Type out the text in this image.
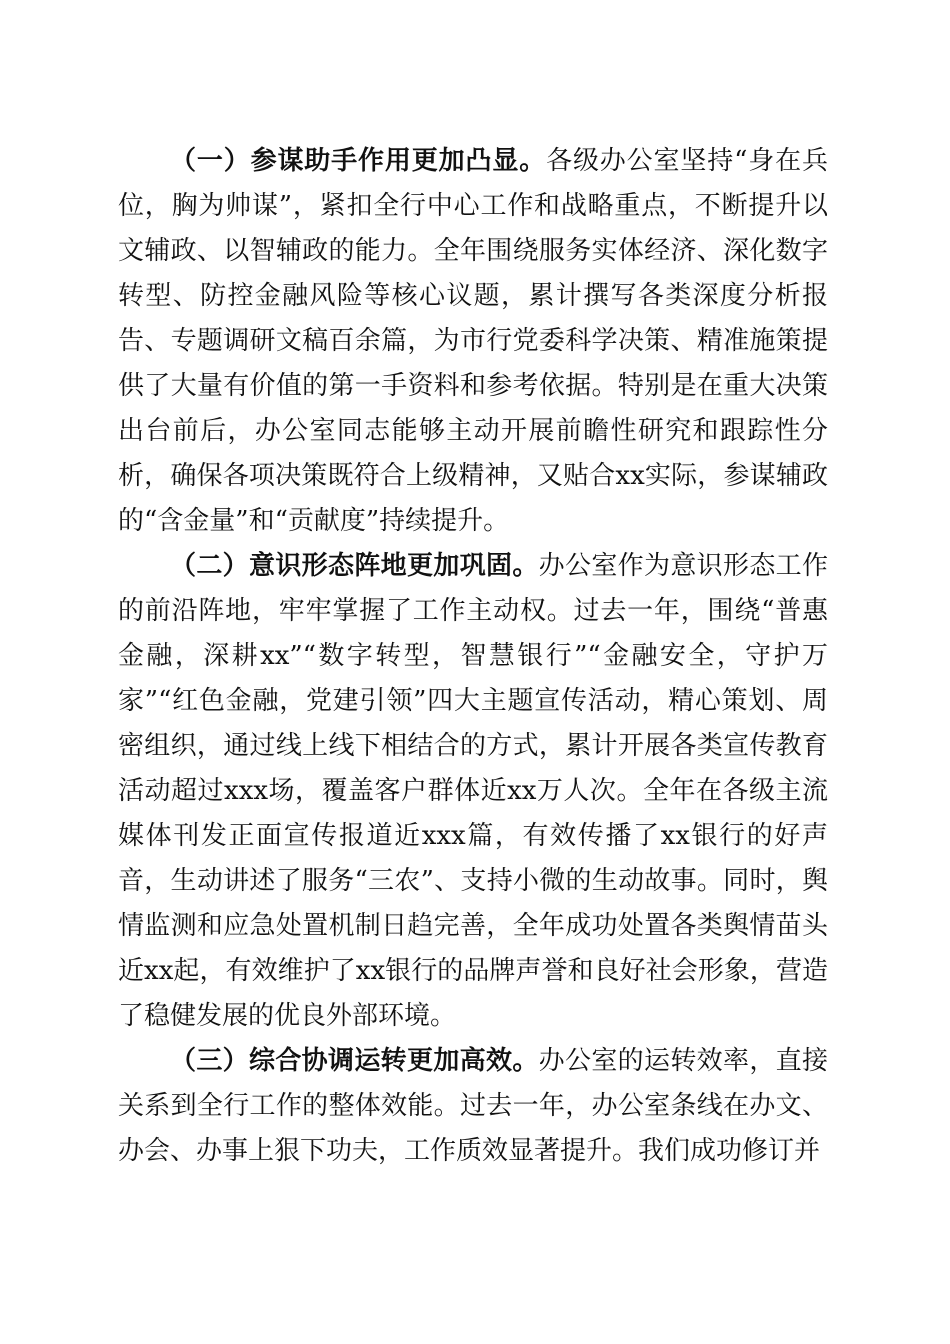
（一）参谋助手作用更加凸显。各级办公室坚持“身在兵位，胸为帅谋”，紧扣全行中心工作和战略重点，不断提升以文辅政、以智辅政的能力。全年围绕服务实体经济、深化数字转型、防控金融风险等核心议题，累计撰写各类深度分析报告、专题调研文稿百余篇，为市行党委科学决策、精准施策提供了大量有价值的第一手资料和参考依据。特别是在重大决策出台前后，办公室同志能够主动开展前瞻性研究和跟踪性分析，确保各项决策既符合上级精神，又贴合xx实际，参谋辅政的“含金量”和“贡献度”持续提升。

（二）意识形态阵地更加巩固。办公室作为意识形态工作的前沿阵地，牢牢掌握了工作主动权。过去一年，围绕“普惠金融，深耕xx”“数字转型，智慧银行”“金融安全，守护万家”“红色金融，党建引领”四大主题宣传活动，精心策划、周密组织，通过线上线下相结合的方式，累计开展各类宣传教育活动超过xxx场，覆盖客户群体近xx万人次。全年在各级主流媒体刊发正面宣传报道近xxx篇，有效传播了xx银行的好声音，生动讲述了服务“三农”、支持小微的生动故事。同时，舆情监测和应急处置机制日趋完善，全年成功处置各类舆情苗头近xx起，有效维护了xx银行的品牌声誉和良好社会形象，营造了稳健发展的优良外部环境。

（三）综合协调运转更加高效。办公室的运转效率，直接关系到全行工作的整体效能。过去一年，办公室条线在办文、办会、办事上狠下功夫，工作质效显著提升。我们成功修订并
